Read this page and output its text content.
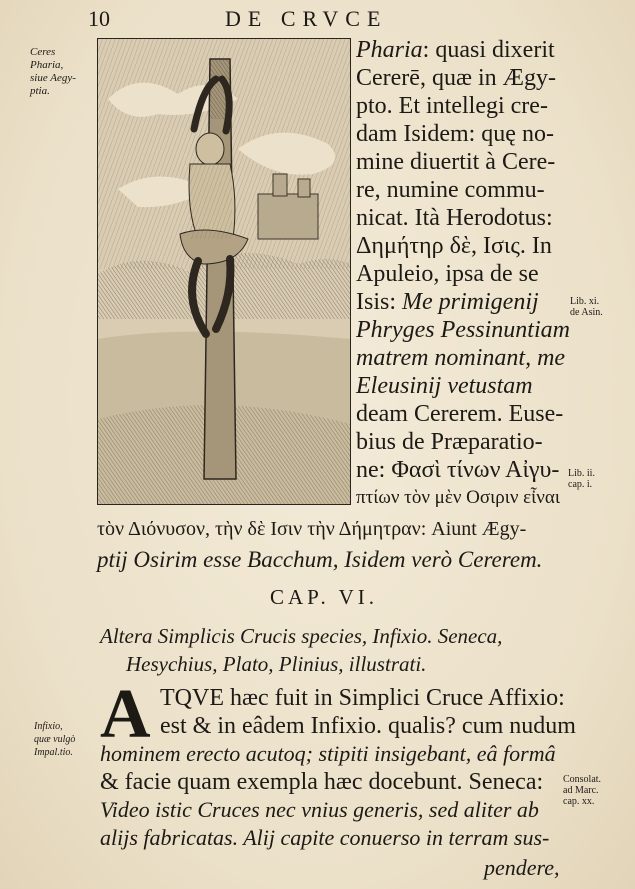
10	DE CRVCE
Ceres
Pharia,
siue Aegy-
ptia.
Pharia: quasi dixerit
Cererē, quæ in Ægy-
pto. Et intellegi cre-
dam Isidem: quę no-
mine diuertit à Cere-
re, numine commu-
nicat. Ità Herodotus:
Δημήτηρ δὲ, Ισις. In
Apuleio, ipsa de se
Isis: Me primigenij
Phryges Pessinuntiam
matrem nominant, me
Eleusinij vetustam
deam Cererem. Euse-
bius de Præparatio-
ne: Φασὶ τίνων Αἰγυ-
πτίων τὸν μὲν Οσιριν εἶναι
Lib. xi.
de Asin.
Lib. ii.
cap. i.
τὸν Διόνυσον, τὴν δὲ Ισιν τὴν Δήμητραν: Aiunt Ægy-
ptij Osirim esse Bacchum, Isidem verò Cererem.
CAP. VI.
Altera Simplicis Crucis species, Infixio. Seneca,
Hesychius, Plato, Plinius, illustrati.
A TQVE hæc fuit in Simplici Cruce Affixio:
est & in eâdem Infixio. qualis? cum nudum
hominem erecto acutoq; stipiti insigebant, eâ formâ
& facie quam exempla hæc docebunt. Seneca:
Video istic Cruces nec vnius generis, sed aliter ab
alijs fabricatas. Alij capite conuerso in terram sus-
pendere,
Infixio,
quæ vulgò
Impal.tio.
Consolat.
ad Marc.
cap. xx.
